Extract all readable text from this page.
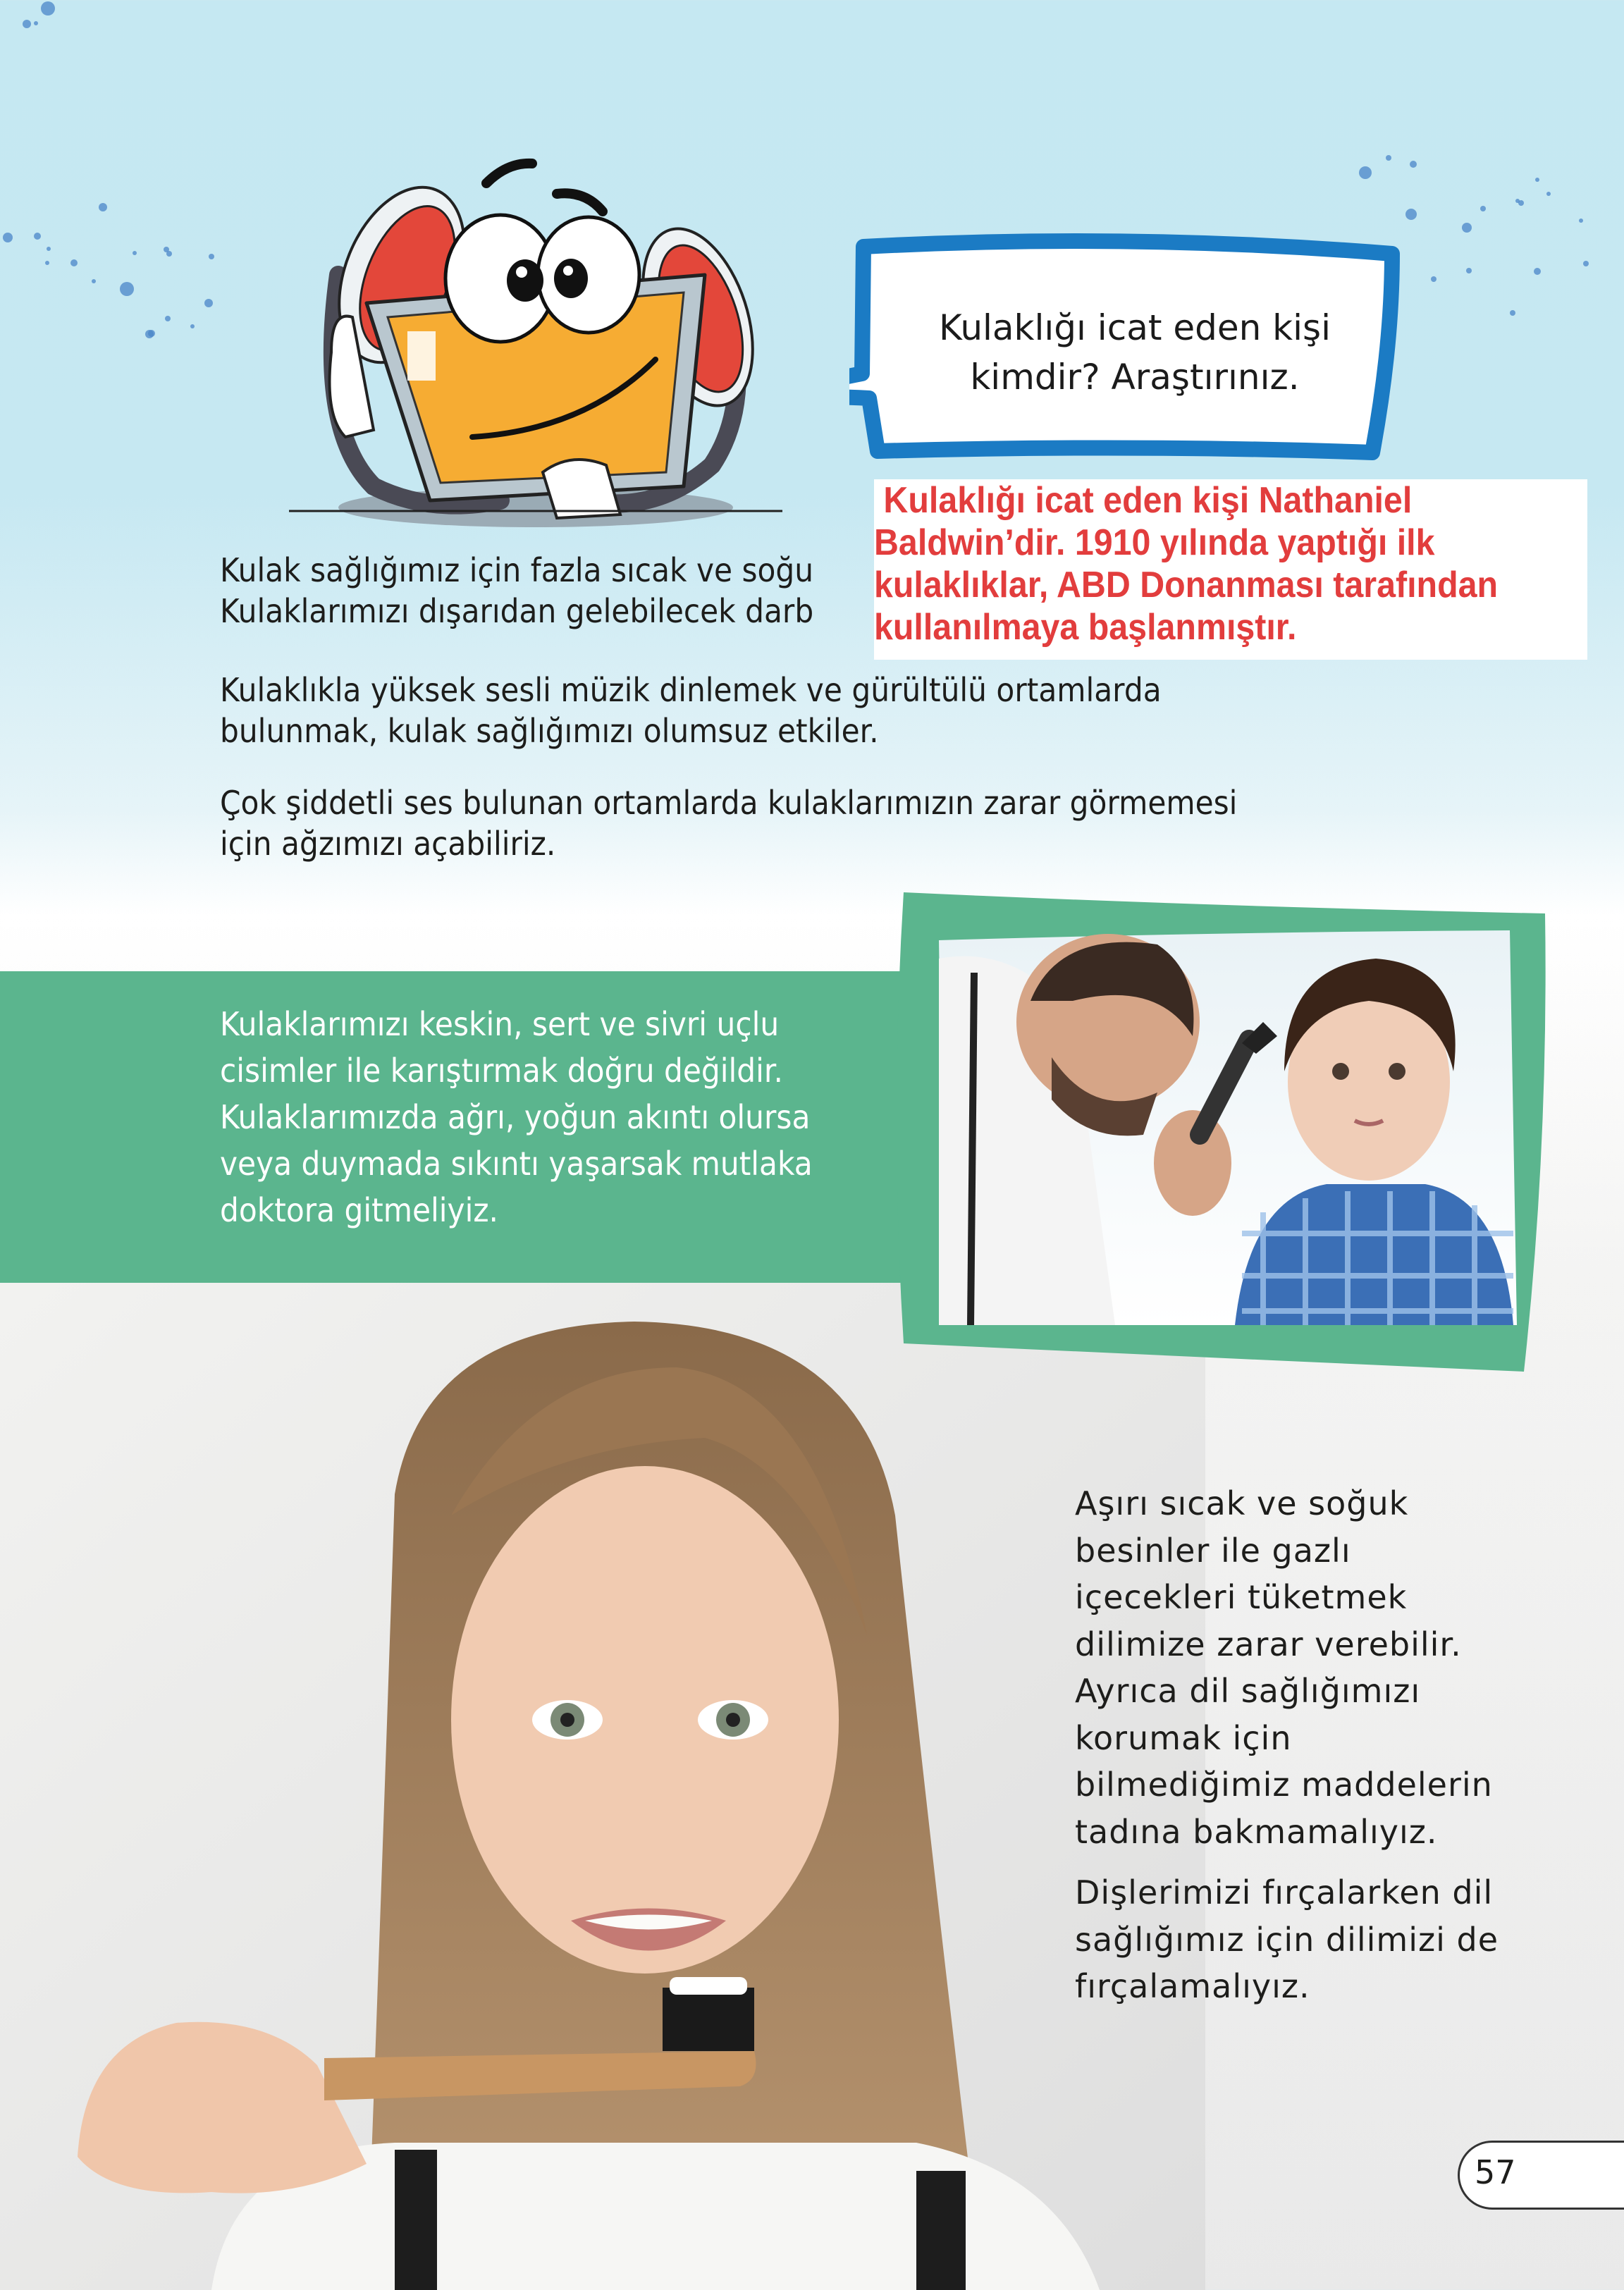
Kulaklığı icat eden kişi
kimdir? Araştırınız.
Kulaklığı icat eden kişi Nathaniel
Baldwin’dir. 1910 yılında yaptığı ilk
kulaklıklar, ABD Donanması tarafından
kullanılmaya başlanmıştır.
Kulak sağlığımız için fazla sıcak ve soğu
Kulaklarımızı dışarıdan gelebilecek darb
Kulaklıkla yüksek sesli müzik dinlemek ve gürültülü ortamlarda
bulunmak, kulak sağlığımızı olumsuz etkiler.
Çok şiddetli ses bulunan ortamlarda kulaklarımızın zarar görmemesi
için ağzımızı açabiliriz.
Kulaklarımızı keskin, sert ve sivri uçlu
cisimler ile karıştırmak doğru değildir.
Kulaklarımızda ağrı, yoğun akıntı olursa
veya duymada sıkıntı yaşarsak mutlaka
doktora gitmeliyiz.
Aşırı sıcak ve soğuk
besinler ile gazlı
içecekleri tüketmek
dilimize zarar verebilir.
Ayrıca dil sağlığımızı
korumak için
bilmediğimiz maddelerin
tadına bakmamalıyız.
Dişlerimizi fırçalarken dil
sağlığımız için dilimizi de
fırçalamalıyız.
57
